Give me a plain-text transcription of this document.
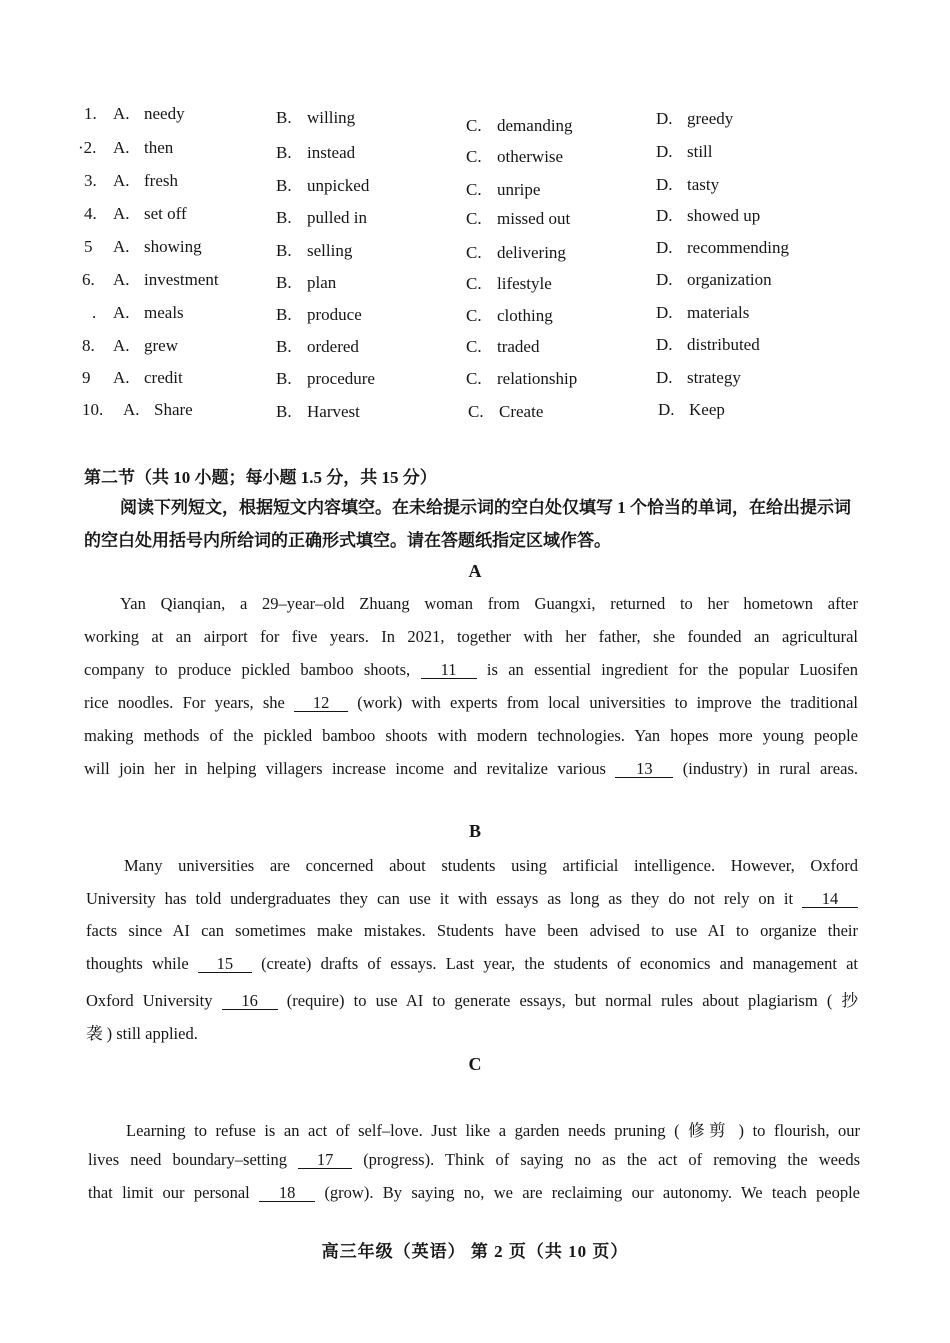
1. A. needy	B. willing	C. demanding	D. greedy
·2. A. then	B. instead	C. otherwise	D. still
3. A. fresh	B. unpicked	C. unripe	D. tasty
4. A. set off	B. pulled in	C. missed out	D. showed up
5 A. showing	B. selling	C. delivering	D. recommending
6. A. investment	B. plan	C. lifestyle	D. organization
. A. meals	B. produce	C. clothing	D. materials
8. A. grew	B. ordered	C. traded	D. distributed
9 A. credit	B. procedure	C. relationship	D. strategy
10. A. Share	B. Harvest	C. Create	D. Keep
第二节（共 10 小题；每小题 1.5 分，共 15 分）
阅读下列短文，根据短文内容填空。在未给提示词的空白处仅填写 1 个恰当的单词，在给出提示词的空白处用括号内所给词的正确形式填空。请在答题纸指定区域作答。
A
Yan Qianqian, a 29–year–old Zhuang woman from Guangxi, returned to her hometown after
working at an airport for five years. In 2021, together with her father, she founded an agricultural
company to produce pickled bamboo shoots, 11 is an essential ingredient for the popular Luosifen
rice noodles. For years, she 12 (work) with experts from local universities to improve the traditional
making methods of the pickled bamboo shoots with modern technologies. Yan hopes more young people
will join her in helping villagers increase income and revitalize various 13 (industry) in rural areas.
B
Many universities are concerned about students using artificial intelligence. However, Oxford
University has told undergraduates they can use it with essays as long as they do not rely on it 14
facts since AI can sometimes make mistakes. Students have been advised to use AI to organize their
thoughts while 15 (create) drafts of essays. Last year, the students of economics and management at
Oxford University 16 (require) to use AI to generate essays, but normal rules about plagiarism ( 抄
袭 ) still applied.
C
Learning to refuse is an act of self–love. Just like a garden needs pruning ( 修剪 ) to flourish, our
lives need boundary–setting 17 (progress). Think of saying no as the act of removing the weeds
that limit our personal 18 (grow). By saying no, we are reclaiming our autonomy. We teach people
高三年级（英语） 第 2 页（共 10 页）
